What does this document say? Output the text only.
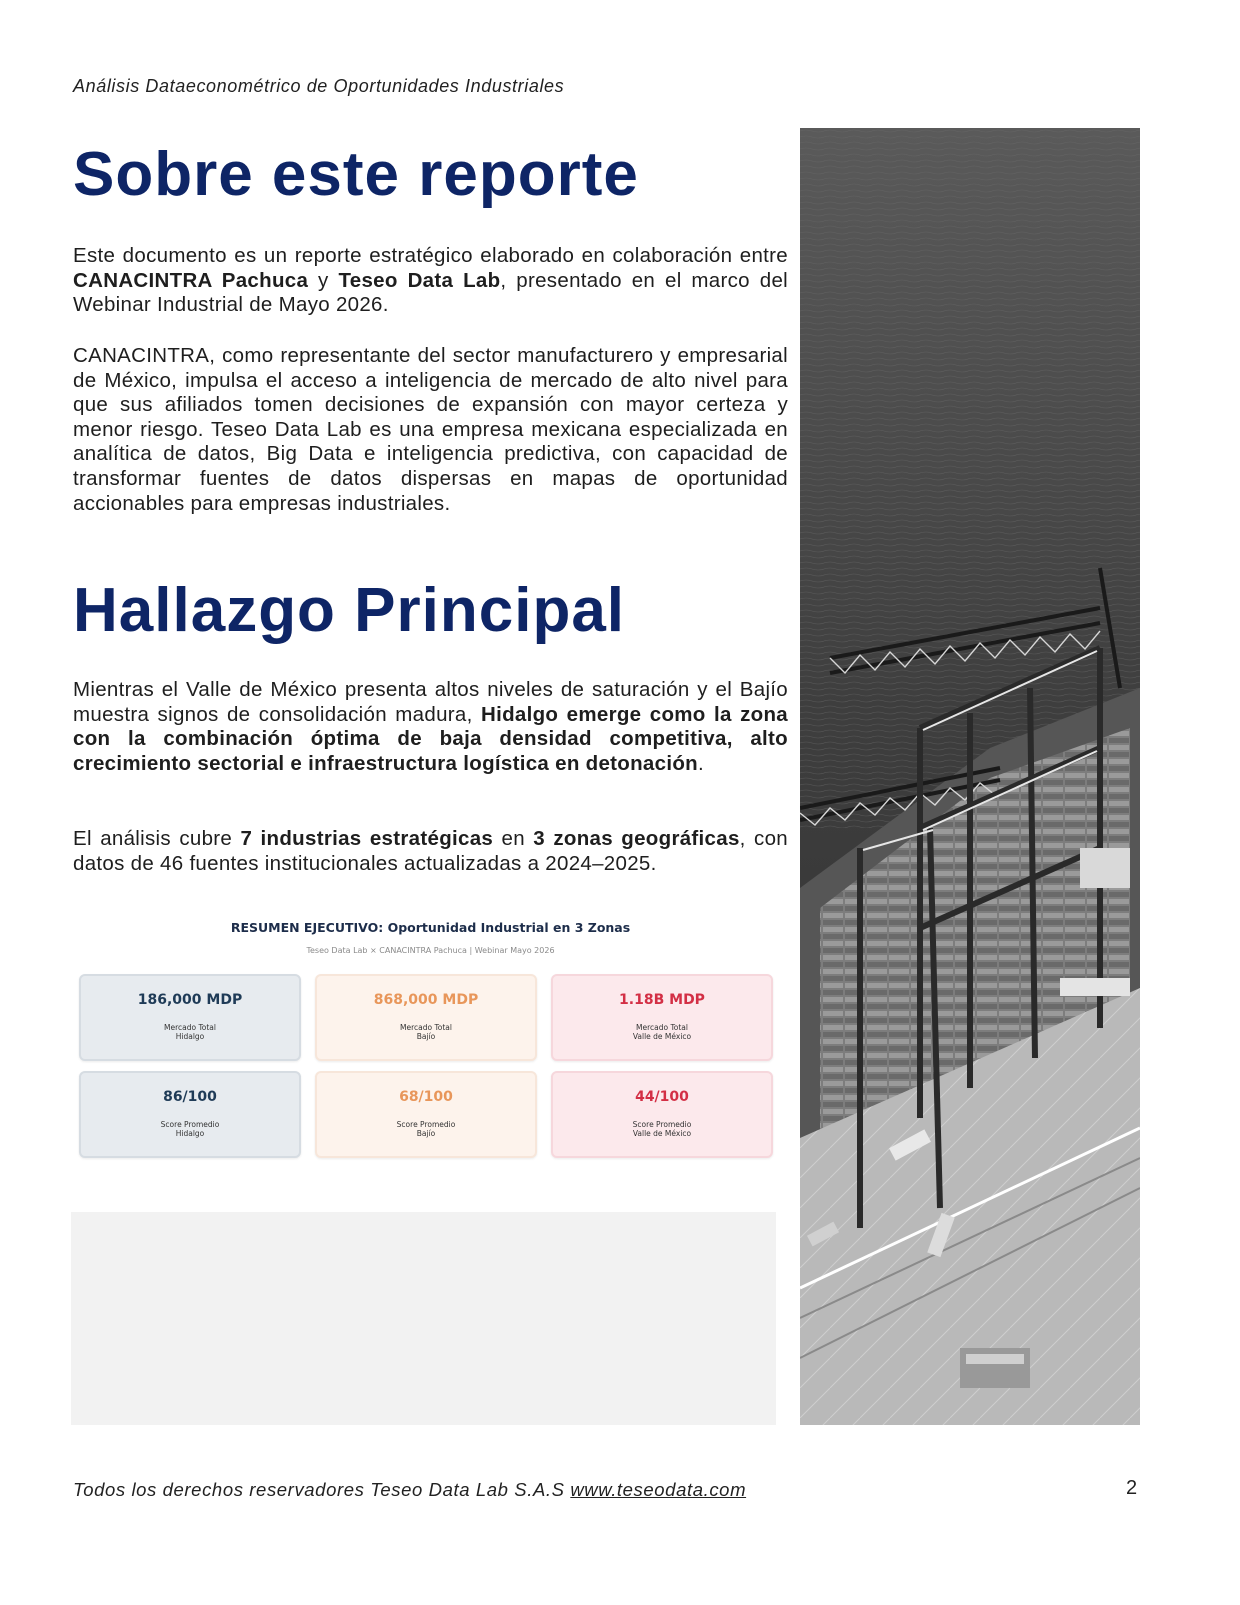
Análisis Dataeconométrico de Oportunidades Industriales
Sobre este reporte
Este documento es un reporte estratégico elaborado en colaboración entre CANACINTRA Pachuca y Teseo Data Lab, presentado en el marco del Webinar Industrial de Mayo 2026.
CANACINTRA, como representante del sector manufacturero y empresarial de México, impulsa el acceso a inteligencia de mercado de alto nivel para que sus afiliados tomen decisiones de expansión con mayor certeza y menor riesgo. Teseo Data Lab es una empresa mexicana especializada en analítica de datos, Big Data e inteligencia predictiva, con capacidad de transformar fuentes de datos dispersas en mapas de oportunidad accionables para empresas industriales.
Hallazgo Principal
Mientras el Valle de México presenta altos niveles de saturación y el Bajío muestra signos de consolidación madura, Hidalgo emerge como la zona con la combinación óptima de baja densidad competitiva, alto crecimiento sectorial e infraestructura logística en detonación.
El análisis cubre 7 industrias estratégicas en 3 zonas geográficas, con datos de 46 fuentes institucionales actualizadas a 2024–2025.
RESUMEN EJECUTIVO: Oportunidad Industrial en 3 Zonas
Teseo Data Lab × CANACINTRA Pachuca | Webinar Mayo 2026
186,000 MDP
Mercado Total
Hidalgo
868,000 MDP
Mercado Total
Bajío
1.18B MDP
Mercado Total
Valle de México
86/100
Score Promedio
Hidalgo
68/100
Score Promedio
Bajío
44/100
Score Promedio
Valle de México
Todos los derechos reservadores Teseo Data Lab S.A.S www.teseodata.com	2
